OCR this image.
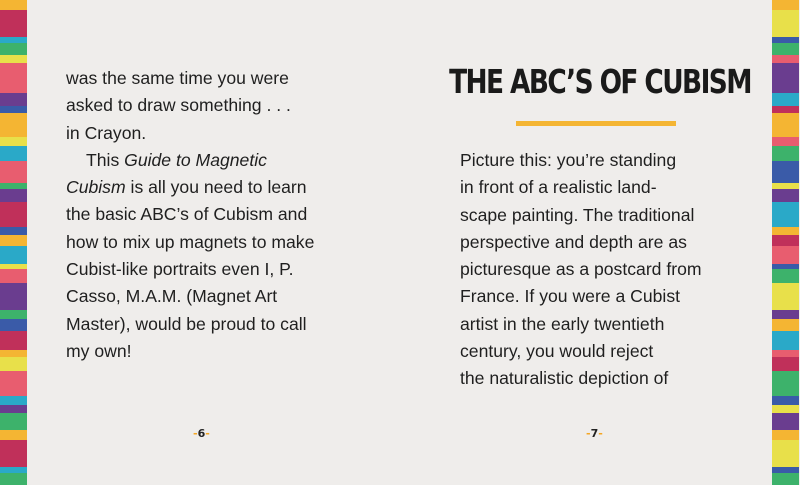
was the same time you were
asked to draw something . . .
in Crayon.
This Guide to Magnetic
Cubism is all you need to learn
the basic ABC’s of Cubism and
how to mix up magnets to make
Cubist-like portraits even I, P.
Casso, M.A.M. (Magnet Art
Master), would be proud to call
my own!
-6-
THE ABC’S OF CUBISM
Picture this: you’re standing
in front of a realistic land-
scape painting. The traditional
perspective and depth are as
picturesque as a postcard from
France. If you were a Cubist
artist in the early twentieth
century, you would reject
the naturalistic depiction of
-7-
